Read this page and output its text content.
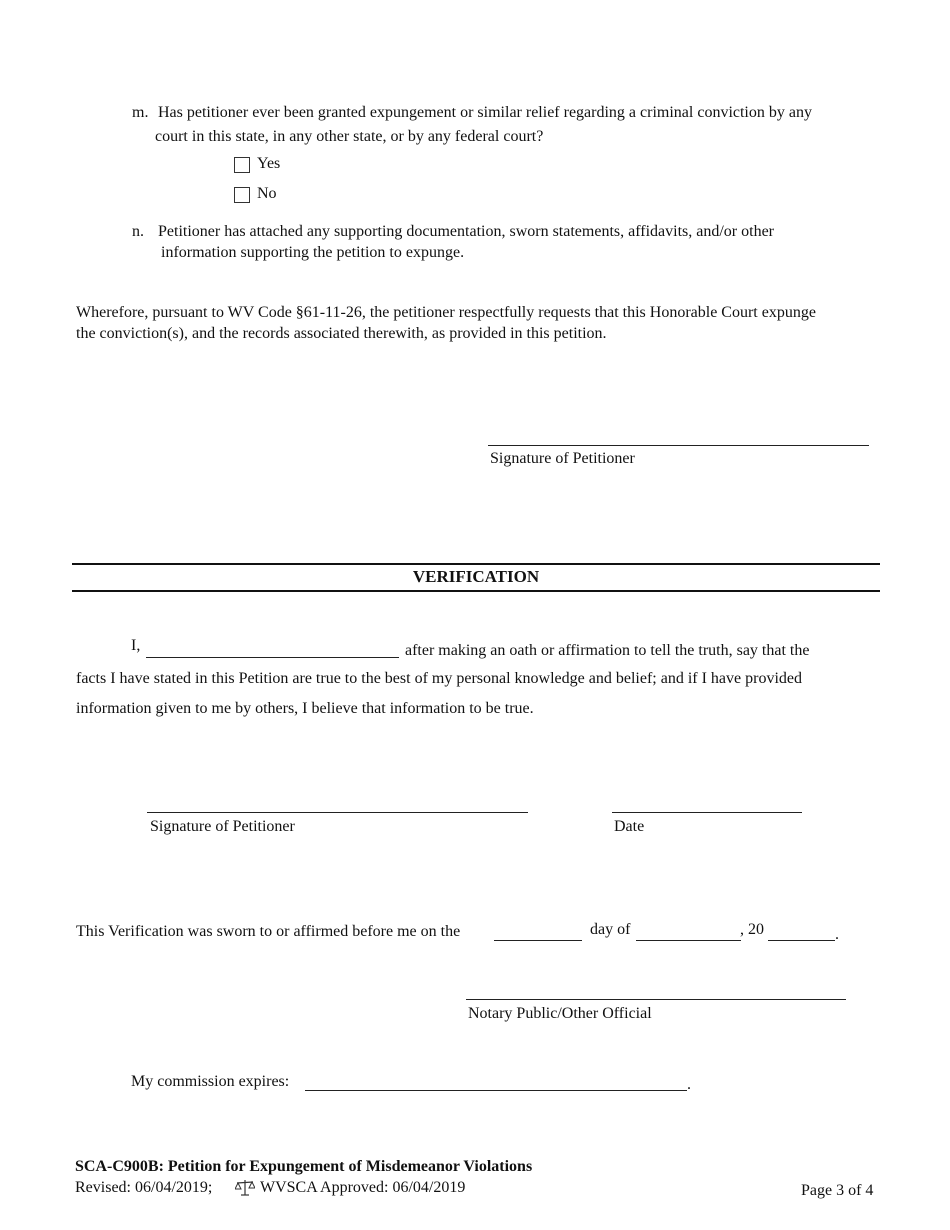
m. Has petitioner ever been granted expungement or similar relief regarding a criminal conviction by any
court in this state, in any other state, or by any federal court?
Yes
No
n. Petitioner has attached any supporting documentation, sworn statements, affidavits, and/or other
information supporting the petition to expunge.
Wherefore, pursuant to WV Code §61-11-26, the petitioner respectfully requests that this Honorable Court expunge
the conviction(s), and the records associated therewith, as provided in this petition.
Signature of Petitioner
VERIFICATION
I,	after making an oath or affirmation to tell the truth, say that the
facts I have stated in this Petition are true to the best of my personal knowledge and belief; and if I have provided
information given to me by others, I believe that information to be true.
Signature of Petitioner	Date
This Verification was sworn to or affirmed before me on the	day of	, 20	.
Notary Public/Other Official
My commission expires:	.
SCA-C900B: Petition for Expungement of Misdemeanor Violations
Revised: 06/04/2019;	WVSCA Approved: 06/04/2019	Page 3 of 4
